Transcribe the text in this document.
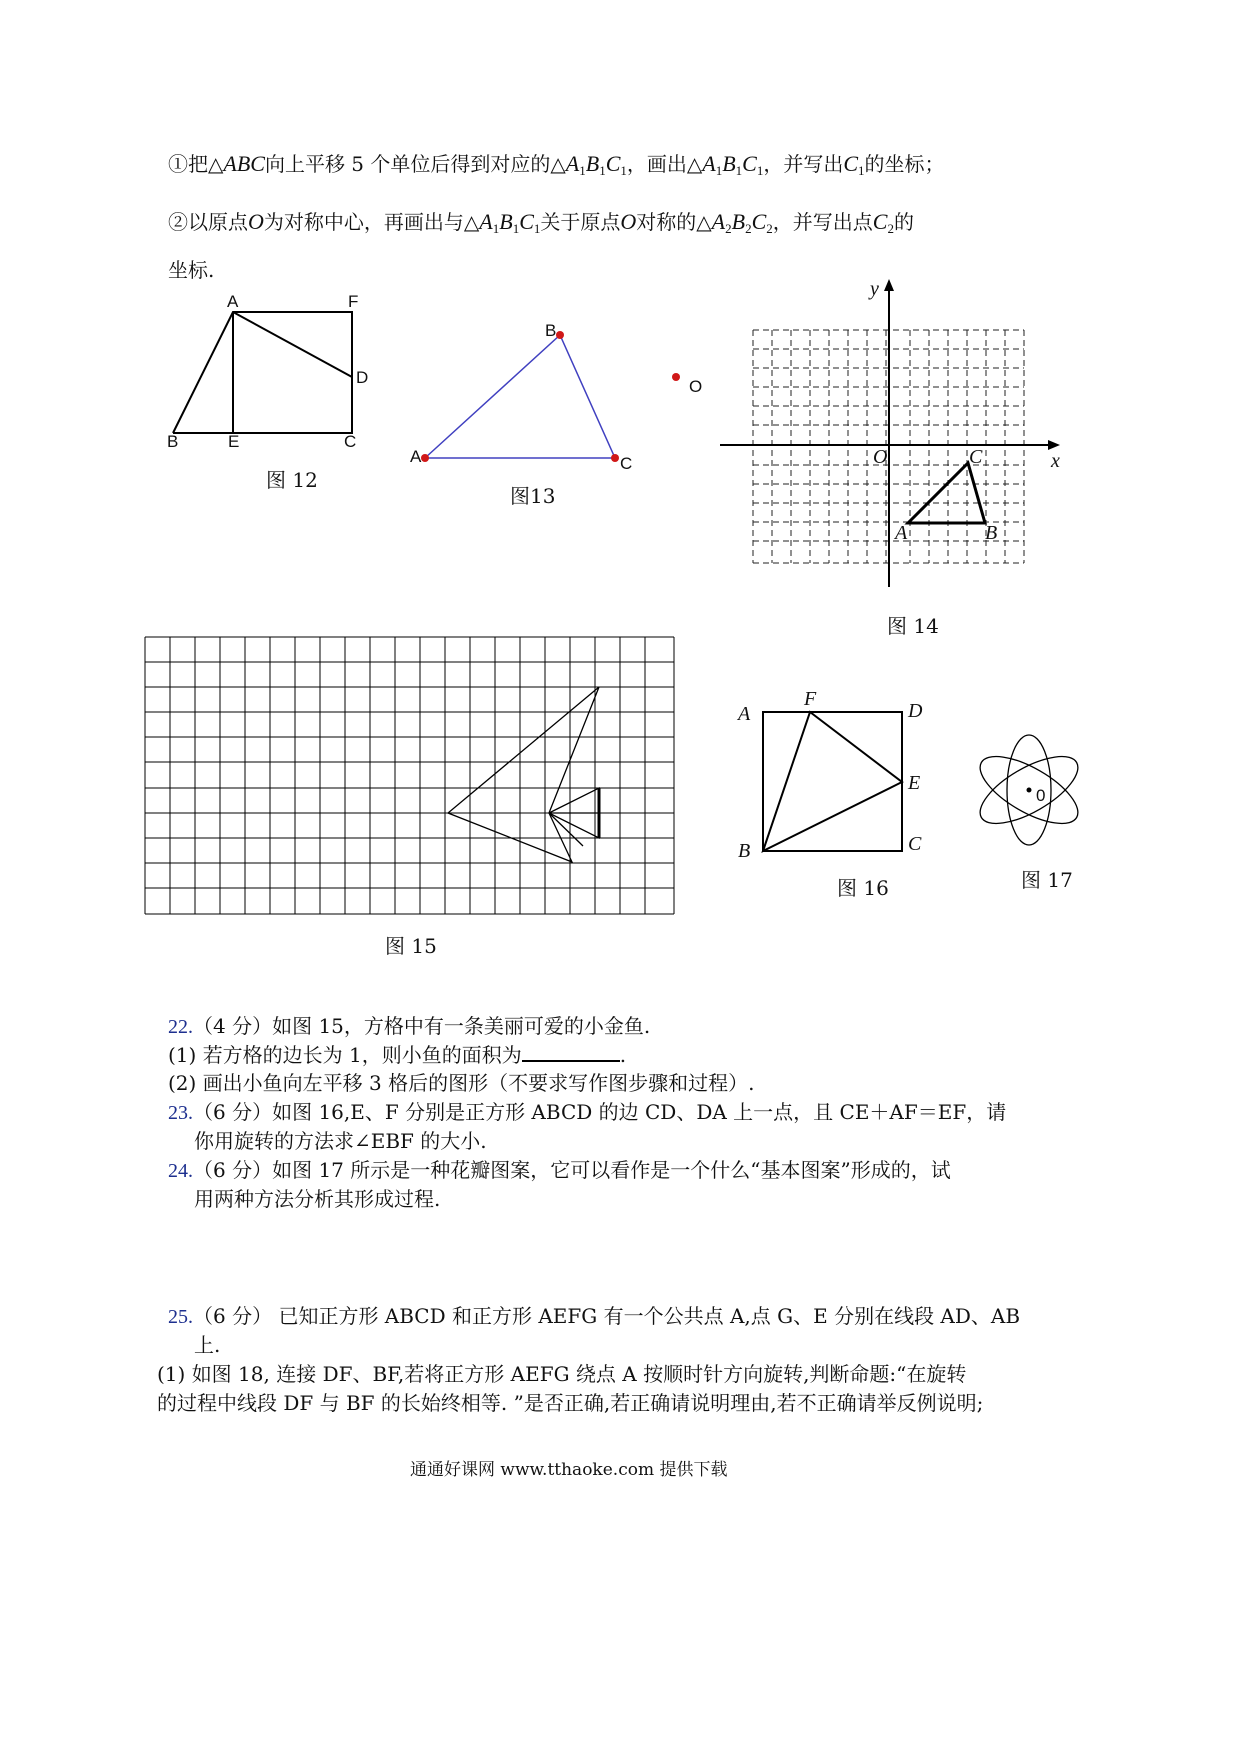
①把△ABC向上平移 5 个单位后得到对应的$\triangle A_1B_1C_1$，画出$\triangle A_1B_1C_1$，并写出$C_1$的坐标；
②以原点O为对称中心，再画出与$\triangle A_1B_1C_1$关于原点O对称的$\triangle A_2B_2C_2$，并写出点$C_2$的
坐标.
A	F
D
B	E	C
图 12
A
B
C
O
图13
y
x
O
A	B
C
图 14
图 15
A
F
D
E
B	C
图 16
0
图 17
22.（4 分）如图 15，方格中有一条美丽可爱的小金鱼.
(1) 若方格的边长为 1，则小鱼的面积为	.
(2) 画出小鱼向左平移 3 格后的图形（不要求写作图步骤和过程）.
23.（6 分）如图 16,E、F 分别是正方形 ABCD 的边 CD、DA 上一点，且 CE＋AF＝EF，请
你用旋转的方法求∠EBF 的大小.
24.（6 分）如图 17 所示是一种花瓣图案，它可以看作是一个什么“基本图案”形成的，试
用两种方法分析其形成过程.
25.（6 分） 已知正方形 ABCD 和正方形 AEFG 有一个公共点 A,点 G、E 分别在线段 AD、AB
上.
(1) 如图 18, 连接 DF、BF,若将正方形 AEFG 绕点 A 按顺时针方向旋转,判断命题:“在旋转
的过程中线段 DF 与 BF 的长始终相等. ”是否正确,若正确请说明理由,若不正确请举反例说明;
通通好课网 www.tthaoke.com 提供下载
